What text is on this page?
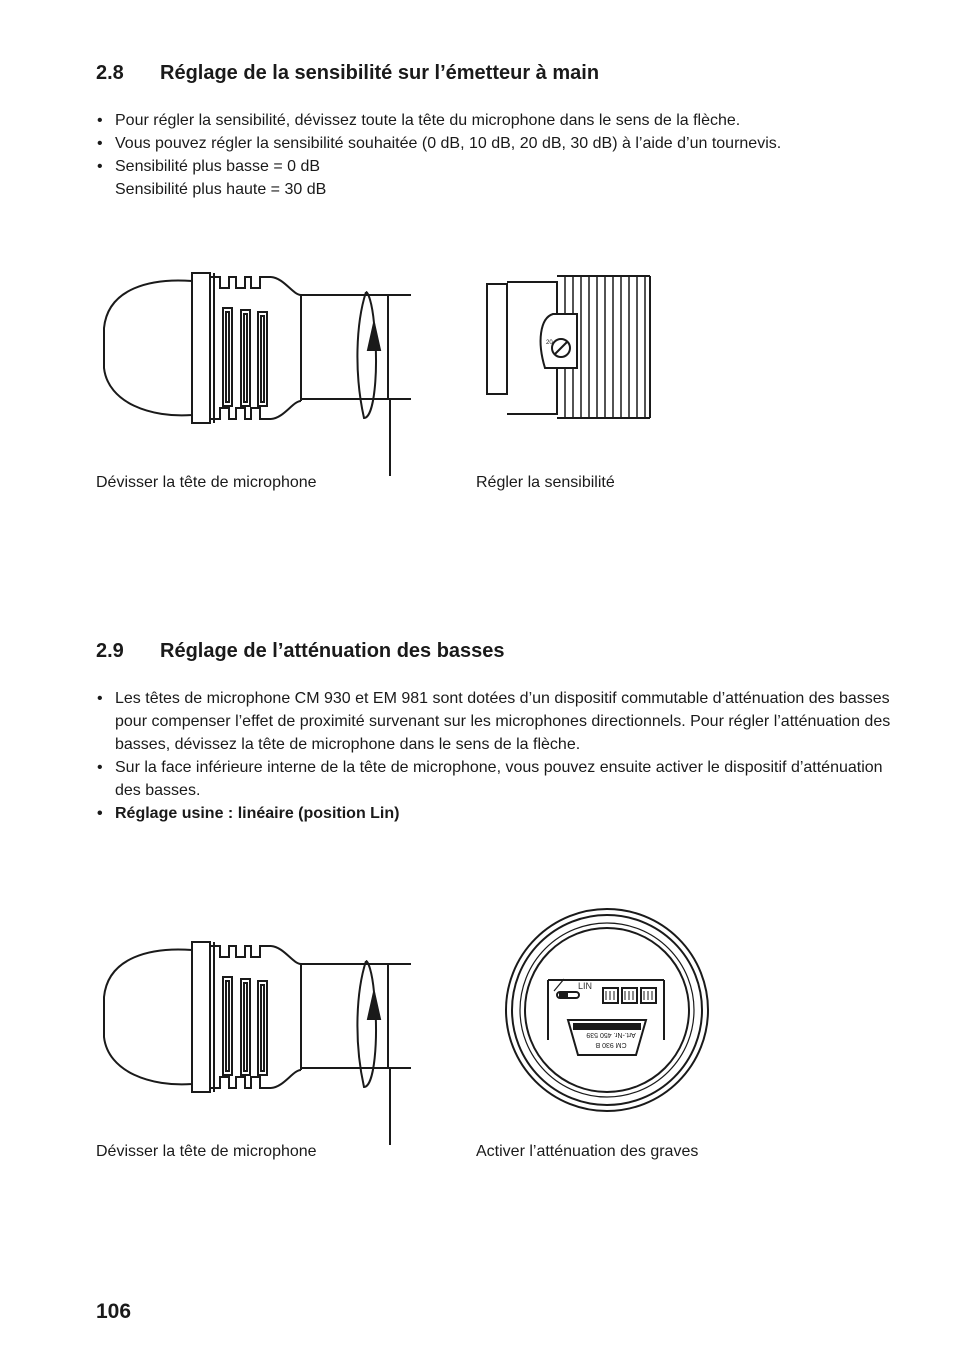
2.8 Réglage de la sensibilité sur l’émetteur à main
• Pour régler la sensibilité, dévissez toute la tête du microphone dans le sens de la flèche.
• Vous pouvez régler la sensibilité souhaitée (0 dB, 10 dB, 20 dB, 30 dB) à l’aide d’un tournevis.
• Sensibilité plus basse = 0 dB
Sensibilité plus haute = 30 dB
Dévisser la tête de microphone
20
Régler la sensibilité
2.9 Réglage de l’atténuation des basses
• Les têtes de microphone CM 930 et EM 981 sont dotées d’un dispositif commutable d’atténuation des basses pour compenser l’effet de proximité survenant sur les microphones directionnels. Pour régler l’atténuation des basses, dévissez la tête de microphone dans le sens de la flèche.
• Sur la face inférieure interne de la tête de microphone, vous pouvez ensuite activer le dispositif d’atténuation des basses.
• Réglage usine : linéaire (position Lin)
Dévisser la tête de microphone
LIN
Art.-Nr. 450 539
CM 930 B
Activer l’atténuation des graves
106
